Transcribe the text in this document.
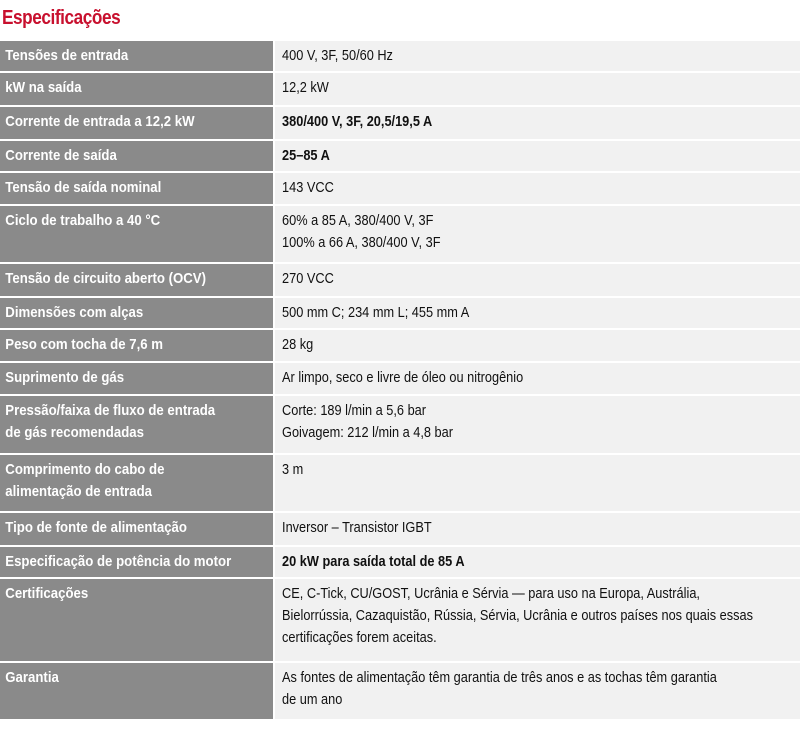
Especificações
Tensões de entrada	400 V, 3F, 50/60 Hz

kW na saída	12,2 kW

Corrente de entrada a 12,2 kW	380/400 V, 3F, 20,5/19,5 A

Corrente de saída	25–85 A

Tensão de saída nominal	143 VCC

Ciclo de trabalho a 40 °C	60% a 85 A, 380/400 V, 3F
100% a 66 A, 380/400 V, 3F

Tensão de circuito aberto (OCV)	270 VCC

Dimensões com alças	500 mm C; 234 mm L; 455 mm A

Peso com tocha de 7,6 m	28 kg

Suprimento de gás	Ar limpo, seco e livre de óleo ou nitrogênio

Pressão/faixa de fluxo de entrada
de gás recomendadas	Corte: 189 l/min a 5,6 bar
Goivagem: 212 l/min a 4,8 bar

Comprimento do cabo de
alimentação de entrada	3 m

Tipo de fonte de alimentação	Inversor – Transistor IGBT

Especificação de potência do motor	20 kW para saída total de 85 A

Certificações	CE, C-Tick, CU/GOST, Ucrânia e Sérvia — para uso na Europa, Austrália,
Bielorrússia, Cazaquistão, Rússia, Sérvia, Ucrânia e outros países nos quais essas
certificações forem aceitas.

Garantia	As fontes de alimentação têm garantia de três anos e as tochas têm garantia
de um ano
